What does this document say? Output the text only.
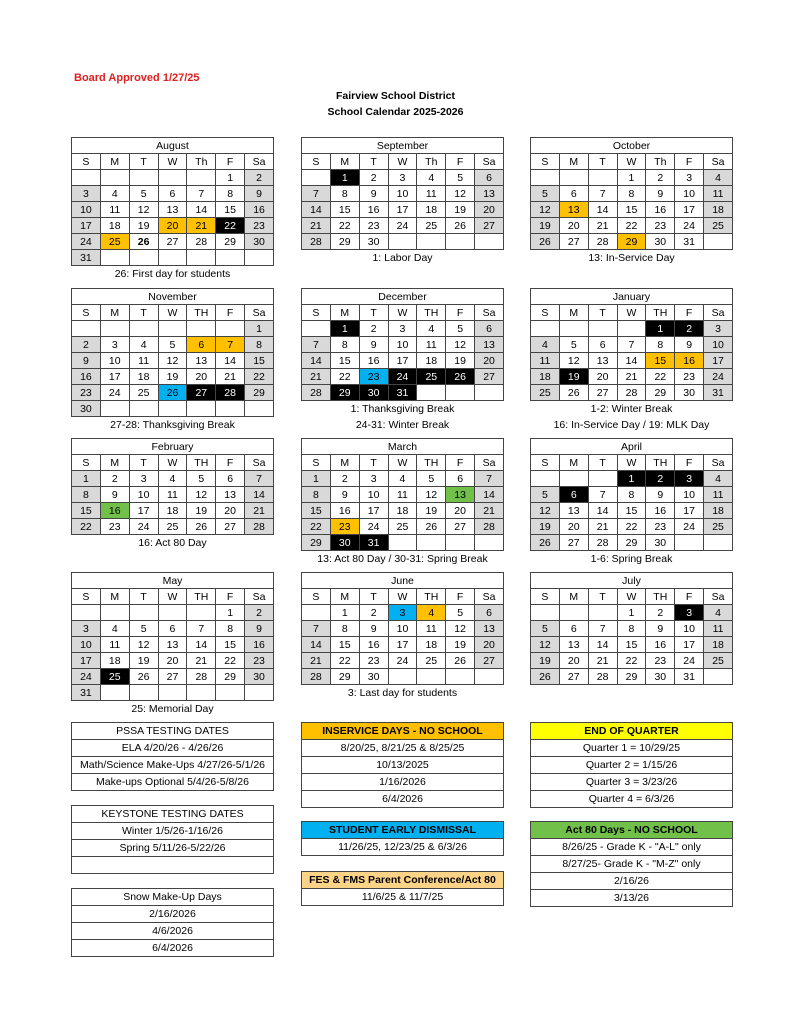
Board Approved 1/27/25
Fairview School District
School Calendar 2025-2026
August						
S	M	T	W	Th	F	Sa
					1	2
3	4	5	6	7	8	9
10	11	12	13	14	15	16
17	18	19	20	21	22	23
24	25	26	27	28	29	30
31						
26: First day for students
September						
S	M	T	W	Th	F	Sa
	1	2	3	4	5	6
7	8	9	10	11	12	13
14	15	16	17	18	19	20
21	22	23	24	25	26	27
28	29	30				
1: Labor Day
October						
S	M	T	W	Th	F	Sa
			1	2	3	4
5	6	7	8	9	10	11
12	13	14	15	16	17	18
19	20	21	22	23	24	25
26	27	28	29	30	31	
13: In-Service Day
November						
S	M	T	W	TH	F	Sa
						1
2	3	4	5	6	7	8
9	10	11	12	13	14	15
16	17	18	19	20	21	22
23	24	25	26	27	28	29
30						
27-28: Thanksgiving Break
December						
S	M	T	W	TH	F	Sa
	1	2	3	4	5	6
7	8	9	10	11	12	13
14	15	16	17	18	19	20
21	22	23	24	25	26	27
28	29	30	31			
1: Thanksgiving Break
24-31: Winter Break
January						
S	M	T	W	TH	F	Sa
				1	2	3
4	5	6	7	8	9	10
11	12	13	14	15	16	17
18	19	20	21	22	23	24
25	26	27	28	29	30	31
1-2: Winter Break
16: In-Service Day / 19: MLK Day
February						
S	M	T	W	TH	F	Sa
1	2	3	4	5	6	7
8	9	10	11	12	13	14
15	16	17	18	19	20	21
22	23	24	25	26	27	28
16: Act 80 Day
March						
S	M	T	W	TH	F	Sa
1	2	3	4	5	6	7
8	9	10	11	12	13	14
15	16	17	18	19	20	21
22	23	24	25	26	27	28
29	30	31				
13: Act 80 Day / 30-31: Spring Break
April						
S	M	T	W	TH	F	Sa
			1	2	3	4
5	6	7	8	9	10	11
12	13	14	15	16	17	18
19	20	21	22	23	24	25
26	27	28	29	30		
1-6: Spring Break
May						
S	M	T	W	TH	F	Sa
					1	2
3	4	5	6	7	8	9
10	11	12	13	14	15	16
17	18	19	20	21	22	23
24	25	26	27	28	29	30
31						
25: Memorial Day
June						
S	M	T	W	TH	F	Sa
	1	2	3	4	5	6
7	8	9	10	11	12	13
14	15	16	17	18	19	20
21	22	23	24	25	26	27
28	29	30				
3: Last day for students
July						
S	M	T	W	TH	F	Sa
			1	2	3	4
5	6	7	8	9	10	11
12	13	14	15	16	17	18
19	20	21	22	23	24	25
26	27	28	29	30	31	
PSSA TESTING DATES
ELA 4/20/26 - 4/26/26
Math/Science Make-Ups 4/27/26-5/1/26
Make-ups Optional 5/4/26-5/8/26
KEYSTONE TESTING DATES
Winter 1/5/26-1/16/26
Spring 5/11/26-5/22/26

Snow Make-Up Days
2/16/2026
4/6/2026
6/4/2026
INSERVICE DAYS - NO SCHOOL
8/20/25, 8/21/25 & 8/25/25
10/13/2025
1/16/2026
6/4/2026
STUDENT EARLY DISMISSAL
11/26/25, 12/23/25 & 6/3/26
FES & FMS Parent Conference/Act 80
11/6/25 & 11/7/25
END OF QUARTER
Quarter 1 = 10/29/25
Quarter 2 = 1/15/26
Quarter 3 = 3/23/26
Quarter 4 = 6/3/26
Act 80 Days - NO SCHOOL
8/26/25 - Grade K - "A-L" only
8/27/25- Grade K - "M-Z" only
2/16/26
3/13/26
